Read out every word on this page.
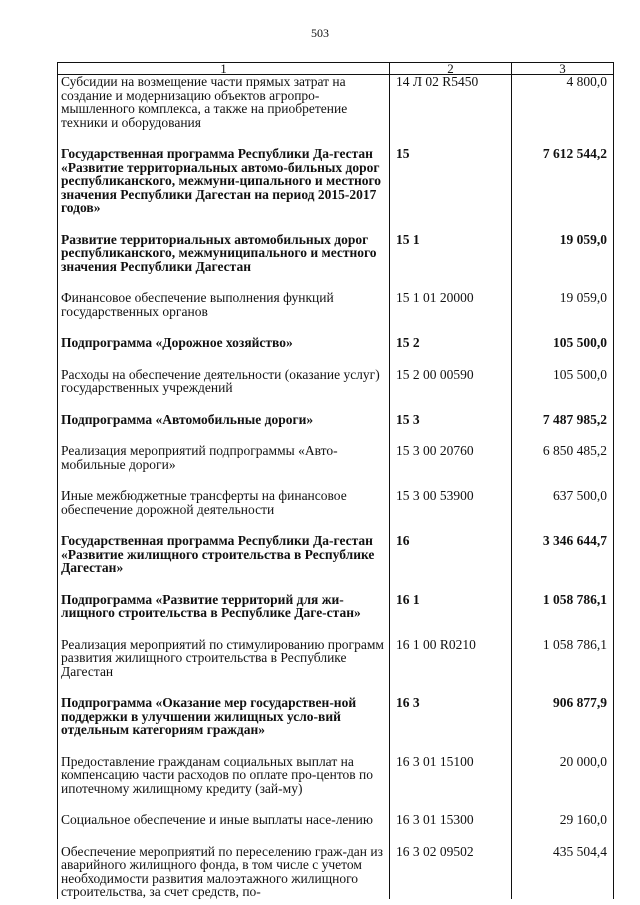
503
1	2	3
Субсидии на возмещение части прямых затрат на создание и модернизацию объектов агропро-мышленного комплекса, а также на приобретение техники и оборудования	14 Л 02 R5450	4 800,0

Государственная программа Республики Да-гестан «Развитие территориальных автомо-бильных дорог республиканского, межмуни-ципального и местного значения Республики Дагестан на период 2015-2017 годов»	15	7 612 544,2

Развитие территориальных автомобильных дорог республиканского, межмуниципального и местного значения Республики Дагестан	15 1	19 059,0

Финансовое обеспечение выполнения функций государственных органов	15 1 01 20000	19 059,0

Подпрограмма «Дорожное хозяйство»	15 2	105 500,0

Расходы на обеспечение деятельности (оказание услуг) государственных учреждений	15 2 00 00590	105 500,0

Подпрограмма «Автомобильные дороги»	15 3	7 487 985,2

Реализация мероприятий подпрограммы «Авто-мобильные дороги»	15 3 00 20760	6 850 485,2

Иные межбюджетные трансферты на финансовое обеспечение дорожной деятельности	15 3 00 53900	637 500,0

Государственная программа Республики Да-гестан «Развитие жилищного строительства в Республике Дагестан»	16	3 346 644,7

Подпрограмма «Развитие территорий для жи-лищного строительства в Республике Даге-стан»	16 1	1 058 786,1

Реализация мероприятий по стимулированию программ развития жилищного строительства в Республике Дагестан	16 1 00 R0210	1 058 786,1

Подпрограмма «Оказание мер государствен-ной поддержки в улучшении жилищных усло-вий отдельным категориям граждан»	16 3	906 877,9

Предоставление гражданам социальных выплат на компенсацию части расходов по оплате про-центов по ипотечному жилищному кредиту (зай-му)	16 3 01 15100	20 000,0

Социальное обеспечение и иные выплаты насе-лению	16 3 01 15300	29 160,0

Обеспечение мероприятий по переселению граж-дан из аварийного жилищного фонда, в том числе с учетом необходимости развития малоэтажного жилищного строительства, за счет средств, по-	16 3 02 09502	435 504,4
